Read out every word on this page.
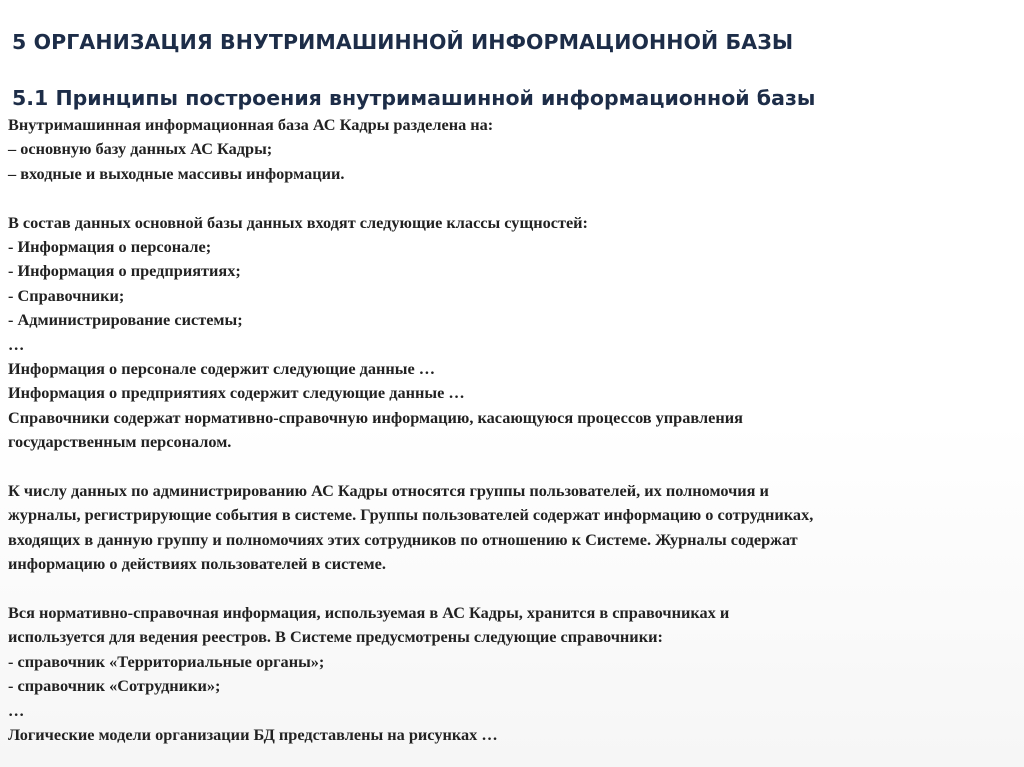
5 ОРГАНИЗАЦИЯ ВНУТРИМАШИННОЙ ИНФОРМАЦИОННОЙ БАЗЫ
5.1 Принципы построения внутримашинной информационной базы
Внутримашинная информационная база АС Кадры разделена на:
– основную базу данных АС Кадры;
– входные и выходные массивы информации.
В состав данных основной базы данных входят следующие классы сущностей:
- Информация о персонале;
- Информация о предприятиях;
- Справочники;
- Администрирование системы;
…
Информация о персонале содержит следующие данные …
Информация о предприятиях содержит следующие данные …
Справочники содержат нормативно-справочную информацию, касающуюся процессов управления
государственным персоналом.
К числу данных по администрированию АС Кадры относятся группы пользователей, их полномочия и
журналы, регистрирующие события в системе. Группы пользователей содержат информацию о сотрудниках,
входящих в данную группу и полномочиях этих сотрудников по отношению к Системе. Журналы содержат
информацию о действиях пользователей в системе.
Вся нормативно-справочная информация, используемая в АС Кадры, хранится в справочниках и
используется для ведения реестров. В Системе предусмотрены следующие справочники:
- справочник «Территориальные органы»;
- справочник «Сотрудники»;
…
Логические модели организации БД представлены на рисунках …
